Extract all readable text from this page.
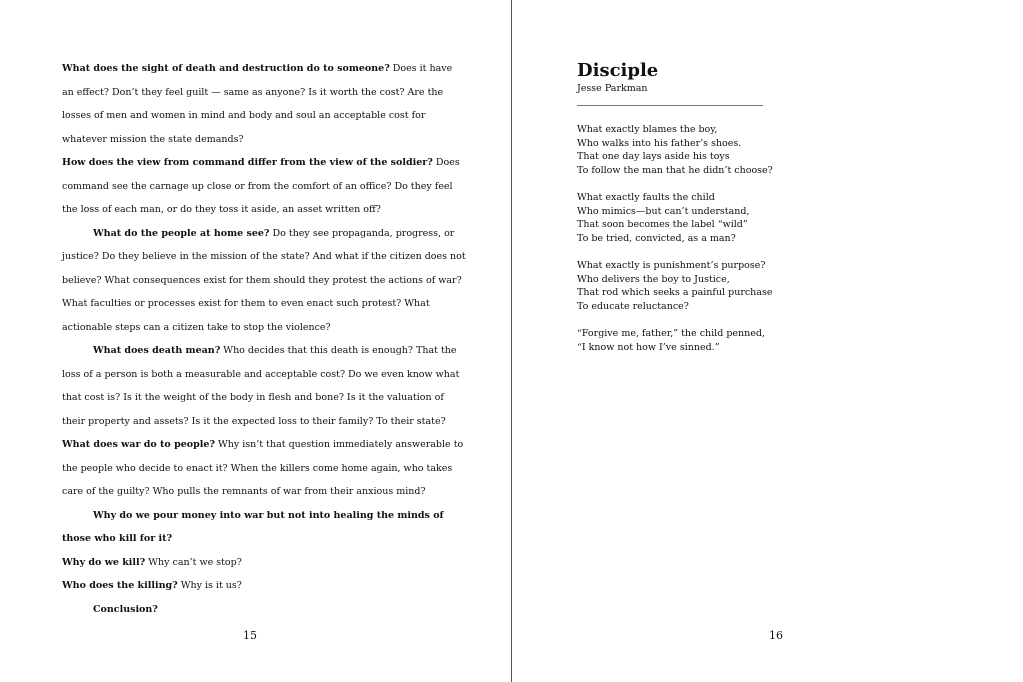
What does the sight of death and destruction do to someone? Does it have an effect? Don’t they feel guilt — same as anyone? Is it worth the cost? Are the losses of men and women in mind and body and soul an acceptable cost for whatever mission the state demands?

How does the view from command differ from the view of the soldier? Does command see the carnage up close or from the comfort of an office? Do they feel the loss of each man, or do they toss it aside, an asset written off?

What do the people at home see? Do they see propaganda, progress, or justice? Do they believe in the mission of the state? And what if the citizen does not believe? What consequences exist for them should they protest the actions of war? What faculties or processes exist for them to even enact such protest? What actionable steps can a citizen take to stop the violence?

What does death mean? Who decides that this death is enough? That the loss of a person is both a measurable and acceptable cost? Do we even know what that cost is? Is it the weight of the body in flesh and bone? Is it the valuation of their property and assets? Is it the expected loss to their family? To their state?

What does war do to people? Why isn’t that question immediately answerable to the people who decide to enact it? When the killers come home again, who takes care of the guilty? Who pulls the remnants of war from their anxious mind?

Why do we pour money into war but not into healing the minds of those who kill for it?

Why do we kill? Why can’t we stop?

Who does the killing? Why is it us?

Conclusion?

15
Disciple
Jesse Parkman
What exactly blames the boy,
Who walks into his father’s shoes.
That one day lays aside his toys
To follow the man that he didn’t choose?
What exactly faults the child
Who mimics—but can’t understand,
That soon becomes the label “wild”
To be tried, convicted, as a man?
What exactly is punishment’s purpose?
Who delivers the boy to Justice,
That rod which seeks a painful purchase
To educate reluctance?
“Forgive me, father,” the child penned,
“I know not how I’ve sinned.”
16
